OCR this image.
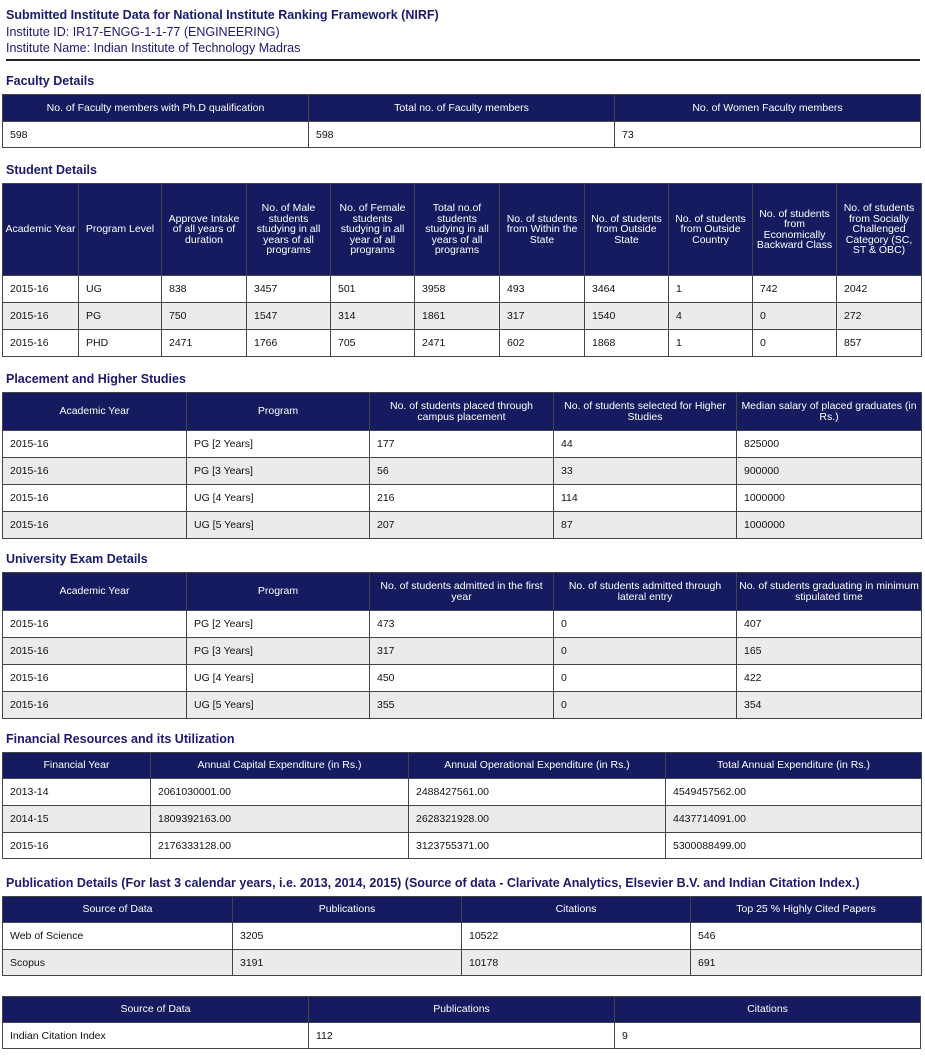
Submitted Institute Data for National Institute Ranking Framework (NIRF)
Institute ID: IR17-ENGG-1-1-77 (ENGINEERING)
Institute Name: Indian Institute of Technology Madras
Faculty Details
No. of Faculty members with Ph.D qualification	Total no. of Faculty members	No. of Women Faculty members
598	598	73
Student Details
Academic Year	Program Level	Approve Intake of all years of duration	No. of Male students studying in all years of all programs	No. of Female students studying in all year of all programs	Total no.of students studying in all years of all programs	No. of students from Within the State	No. of students from Outside State	No. of students from Outside Country	No. of students from Economically Backward Class	No. of students from Socially Challenged Category (SC, ST & OBC)
2015-16	UG	838	3457	501	3958	493	3464	1	742	2042
2015-16	PG	750	1547	314	1861	317	1540	4	0	272
2015-16	PHD	2471	1766	705	2471	602	1868	1	0	857
Placement and Higher Studies
Academic Year	Program	No. of students placed through campus placement	No. of students selected for Higher Studies	Median salary of placed graduates (in Rs.)
2015-16	PG [2 Years]	177	44	825000
2015-16	PG [3 Years]	56	33	900000
2015-16	UG [4 Years]	216	114	1000000
2015-16	UG [5 Years]	207	87	1000000
University Exam Details
Academic Year	Program	No. of students admitted in the first year	No. of students admitted through lateral entry	No. of students graduating in minimum stipulated time
2015-16	PG [2 Years]	473	0	407
2015-16	PG [3 Years]	317	0	165
2015-16	UG [4 Years]	450	0	422
2015-16	UG [5 Years]	355	0	354
Financial Resources and its Utilization
Financial Year	Annual Capital Expenditure (in Rs.)	Annual Operational Expenditure (in Rs.)	Total Annual Expenditure (in Rs.)
2013-14	2061030001.00	2488427561.00	4549457562.00
2014-15	1809392163.00	2628321928.00	4437714091.00
2015-16	2176333128.00	3123755371.00	5300088499.00
Publication Details (For last 3 calendar years, i.e. 2013, 2014, 2015) (Source of data - Clarivate Analytics, Elsevier B.V. and Indian Citation Index.)
Source of Data	Publications	Citations	Top 25 % Highly Cited Papers
Web of Science	3205	10522	546
Scopus	3191	10178	691
Source of Data	Publications	Citations
Indian Citation Index	112	9
